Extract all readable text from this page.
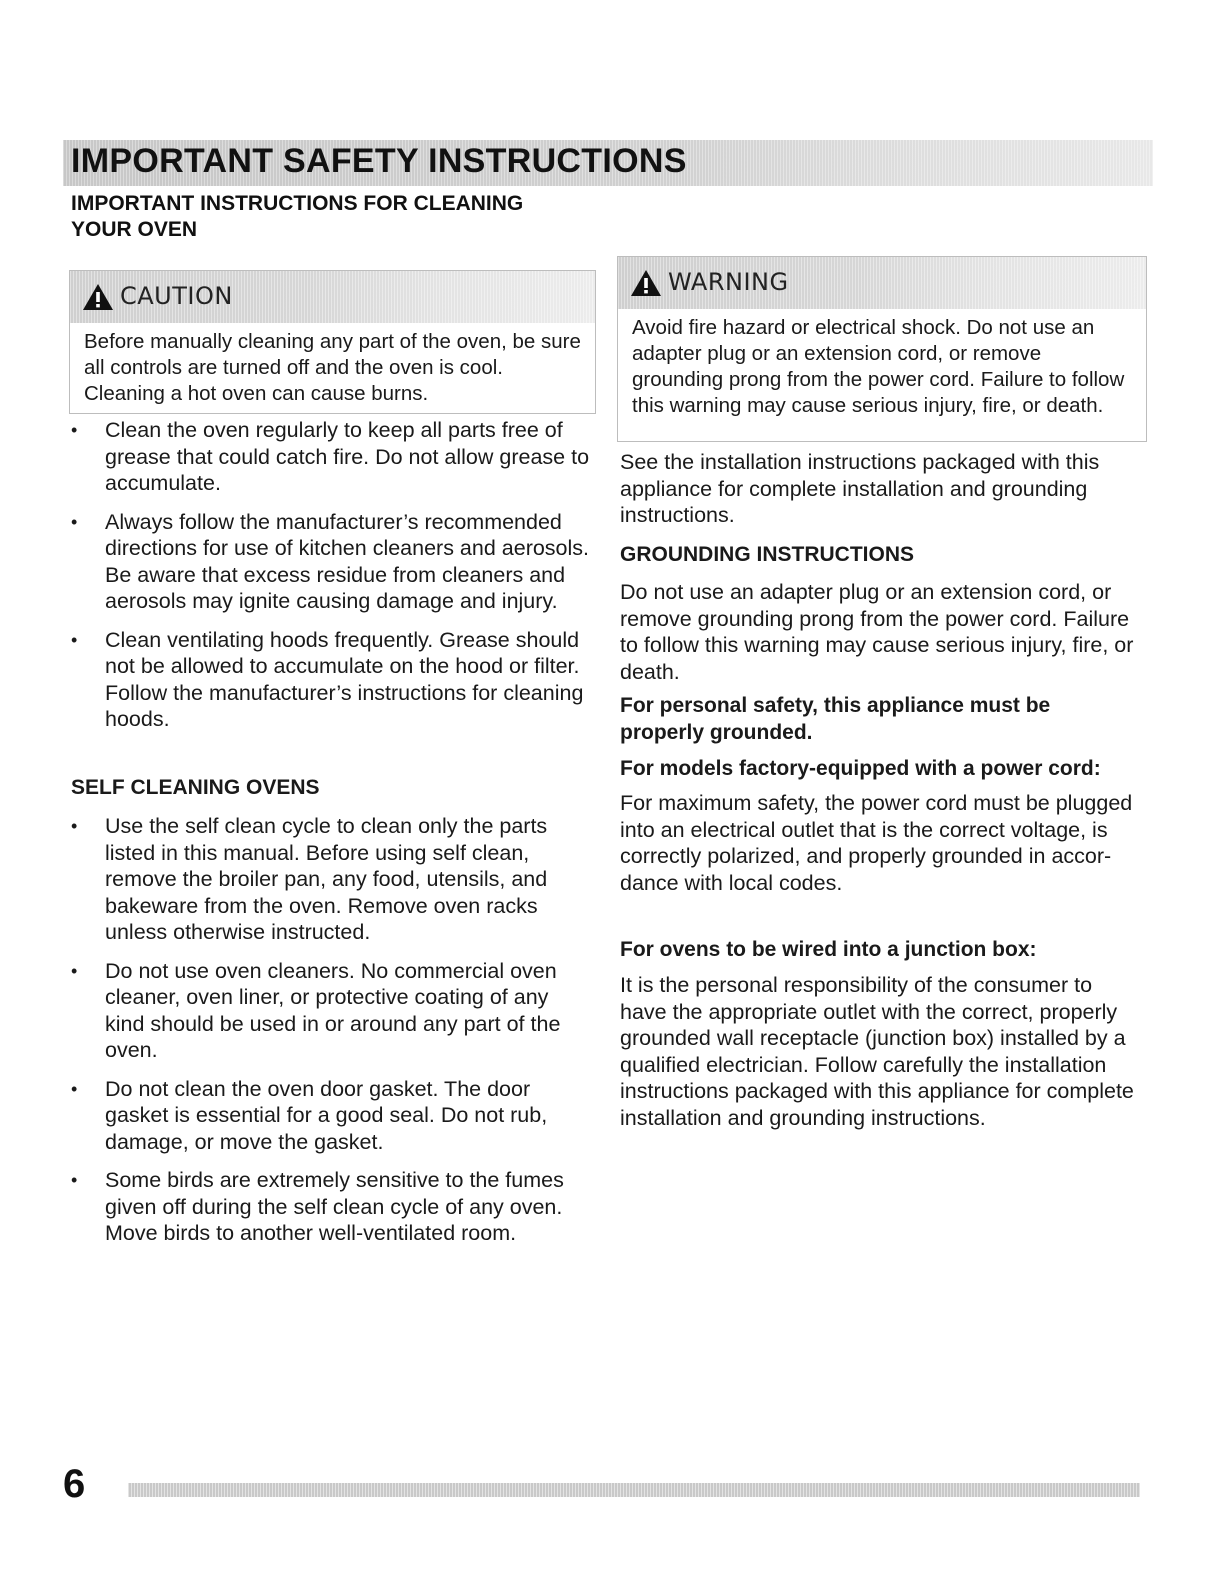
IMPORTANT SAFETY INSTRUCTIONS
IMPORTANT INSTRUCTIONS FOR CLEANING
YOUR OVEN
CAUTION
Before manually cleaning any part of the oven, be sure all controls are turned off and the oven is cool. Cleaning a hot oven can cause burns.
• Clean the oven regularly to keep all parts free of grease that could catch fire. Do not allow grease to accumulate.
• Always follow the manufacturer’s recommended directions for use of kitchen cleaners and aerosols. Be aware that excess residue from cleaners and aerosols may ignite causing damage and injury.
• Clean ventilating hoods frequently. Grease should not be allowed to accumulate on the hood or filter. Follow the manufacturer’s instructions for cleaning hoods.
SELF CLEANING OVENS
• Use the self clean cycle to clean only the parts listed in this manual. Before using self clean, remove the broiler pan, any food, utensils, and bakeware from the oven. Remove oven racks unless otherwise instructed.
• Do not use oven cleaners. No commercial oven cleaner, oven liner, or protective coating of any kind should be used in or around any part of the oven.
• Do not clean the oven door gasket. The door gasket is essential for a good seal. Do not rub, damage, or move the gasket.
• Some birds are extremely sensitive to the fumes given off during the self clean cycle of any oven. Move birds to another well-ventilated room.
WARNING
Avoid fire hazard or electrical shock. Do not use an adapter plug or an extension cord, or remove grounding prong from the power cord. Failure to follow this warning may cause serious injury, fire, or death.

See the installation instructions packaged with this appliance for complete installation and grounding instructions.

GROUNDING INSTRUCTIONS

Do not use an adapter plug or an extension cord, or remove grounding prong from the power cord. Failure to follow this warning may cause serious injury, fire, or death.

For personal safety, this appliance must be properly grounded.

For models factory-equipped with a power cord:

For maximum safety, the power cord must be plugged into an electrical outlet that is the correct voltage, is correctly polarized, and properly grounded in accor-dance with local codes.

For ovens to be wired into a junction box:

It is the personal responsibility of the consumer to have the appropriate outlet with the correct, properly grounded wall receptacle (junction box) installed by a qualified electrician. Follow carefully the installation instructions packaged with this appliance for complete installation and grounding instructions.

6
